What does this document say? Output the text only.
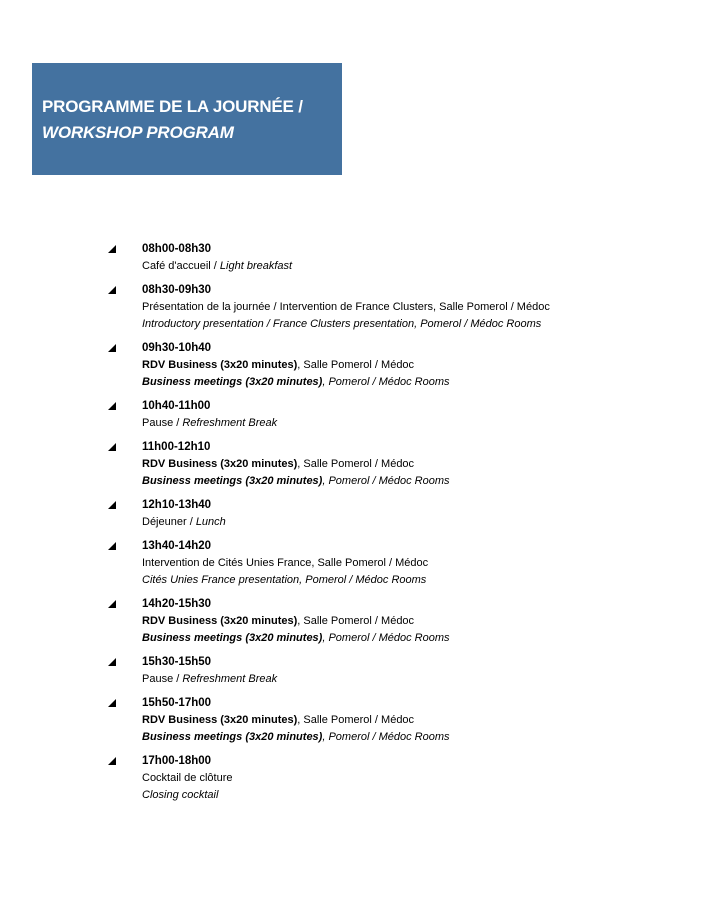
PROGRAMME DE LA JOURNÉE /
WORKSHOP PROGRAM
08h00-08h30
Café d'accueil / Light breakfast
08h30-09h30
Présentation de la journée / Intervention de France Clusters, Salle Pomerol / Médoc
Introductory presentation / France Clusters presentation, Pomerol / Médoc Rooms
09h30-10h40
RDV Business (3x20 minutes), Salle Pomerol / Médoc
Business meetings (3x20 minutes), Pomerol / Médoc Rooms
10h40-11h00
Pause / Refreshment Break
11h00-12h10
RDV Business (3x20 minutes), Salle Pomerol / Médoc
Business meetings (3x20 minutes), Pomerol / Médoc Rooms
12h10-13h40
Déjeuner / Lunch
13h40-14h20
Intervention de Cités Unies France, Salle Pomerol / Médoc
Cités Unies France presentation, Pomerol / Médoc Rooms
14h20-15h30
RDV Business (3x20 minutes), Salle Pomerol / Médoc
Business meetings (3x20 minutes), Pomerol / Médoc Rooms
15h30-15h50
Pause / Refreshment Break
15h50-17h00
RDV Business (3x20 minutes), Salle Pomerol / Médoc
Business meetings (3x20 minutes), Pomerol / Médoc Rooms
17h00-18h00
Cocktail de clôture
Closing cocktail
